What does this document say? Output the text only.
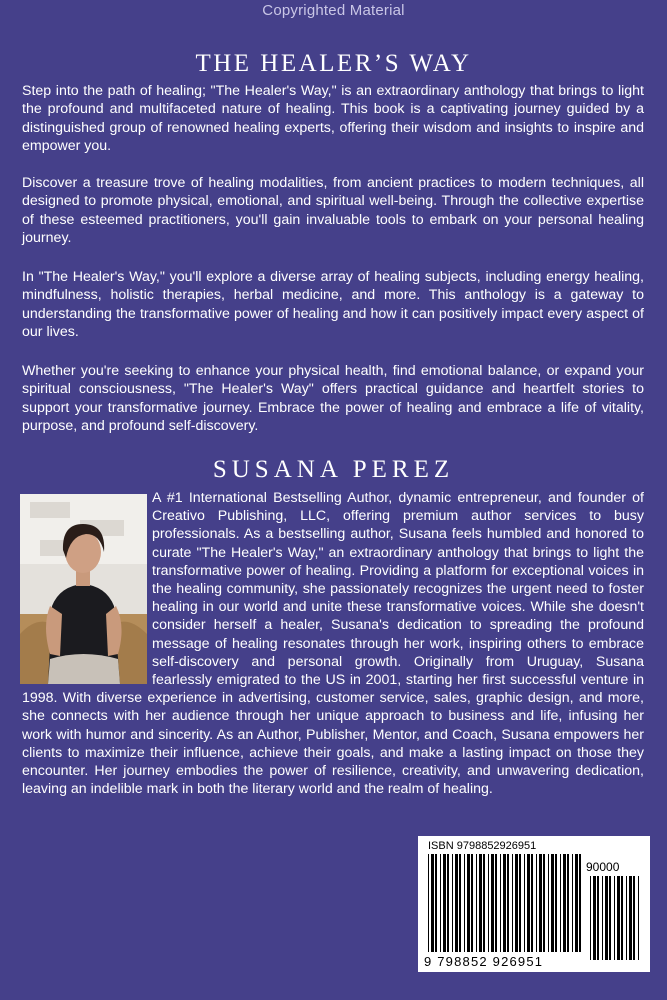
Copyrighted Material
THE HEALER’S WAY

Step into the path of healing; "The Healer's Way," is an extraordinary anthology that brings to light the profound and multifaceted nature of healing. This book is a captivating journey guided by a distinguished group of renowned healing experts, offering their wisdom and insights to inspire and empower you.

Discover a treasure trove of healing modalities, from ancient practices to modern techniques, all designed to promote physical, emotional, and spiritual well-being. Through the collective expertise of these esteemed practitioners, you'll gain invaluable tools to embark on your personal healing journey.

In "The Healer's Way," you'll explore a diverse array of healing subjects, including energy healing, mindfulness, holistic therapies, herbal medicine, and more. This anthology is a gateway to understanding the transformative power of healing and how it can positively impact every aspect of our lives.

Whether you're seeking to enhance your physical health, find emotional balance, or expand your spiritual consciousness, "The Healer's Way" offers practical guidance and heartfelt stories to support your transformative journey. Embrace the power of healing and embrace a life of vitality, purpose, and profound self-discovery.

SUSANA PEREZ

A #1 International Bestselling Author, dynamic entrepreneur, and founder of Creativo Publishing, LLC, offering premium author services to busy professionals. As a bestselling author, Susana feels humbled and honored to curate "The Healer's Way," an extraordinary anthology that brings to light the transformative power of healing. Providing a platform for exceptional voices in the healing community, she passionately recognizes the urgent need to foster healing in our world and unite these transformative voices. While she doesn't consider herself a healer, Susana's dedication to spreading the profound message of healing resonates through her work, inspiring others to embrace self-discovery and personal growth. Originally from Uruguay, Susana fearlessly emigrated to the US in 2001, starting her first successful venture in 1998. With diverse experience in advertising, customer service, sales, graphic design, and more, she connects with her audience through her unique approach to business and life, infusing her work with humor and sincerity. As an Author, Publisher, Mentor, and Coach, Susana empowers her clients to maximize their influence, achieve their goals, and make a lasting impact on those they encounter. Her journey embodies the power of resilience, creativity, and unwavering dedication, leaving an indelible mark in both the literary world and the realm of healing.

ISBN 9798852926951
90000
9 798852 926951
